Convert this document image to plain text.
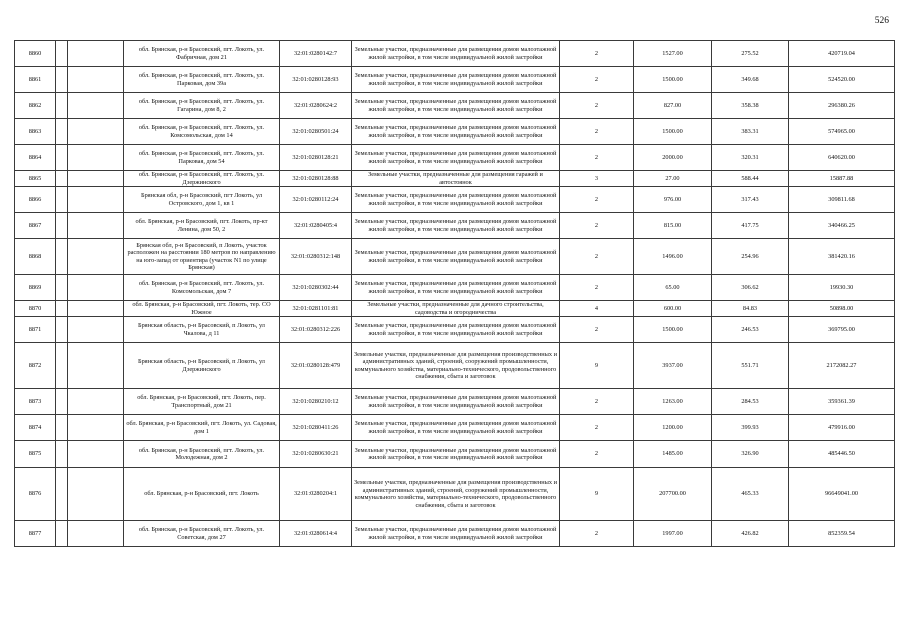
526
8860			обл. Брянская, р-н Брасовский, пгт. Локоть, ул. Фабричная, дом 21	32:01:0280142:7	Земельные участки, предназначенные для размещения домов малоэтажной жилой застройки, в том числе индивидуальной жилой застройки	2	1527.00	275.52	420719.04
8861			обл. Брянская, р-н Брасовский, пгт. Локоть, ул. Парковая, дом 39а	32:01:0280128:93	Земельные участки, предназначенные для размещения домов малоэтажной жилой застройки, в том числе индивидуальной жилой застройки	2	1500.00	349.68	524520.00
8862			обл. Брянская, р-н Брасовский, пгт. Локоть, ул. Гагарина, дом 8, 2	32:01:0280624:2	Земельные участки, предназначенные для размещения домов малоэтажной жилой застройки, в том числе индивидуальной жилой застройки	2	827.00	358.38	296380.26
8863			обл. Брянская, р-н Брасовский, пгт. Локоть, ул. Комсомольская, дом 14	32:01:0280501:24	Земельные участки, предназначенные для размещения домов малоэтажной жилой застройки, в том числе индивидуальной жилой застройки	2	1500.00	383.31	574965.00
8864			обл. Брянская, р-н Брасовский, пгт. Локоть, ул. Парковая, дом 54	32:01:0280128:21	Земельные участки, предназначенные для размещения домов малоэтажной жилой застройки, в том числе индивидуальной жилой застройки	2	2000.00	320.31	640620.00
8865			обл. Брянская, р-н Брасовский, пгт. Локоть, ул. Дзержинского	32:01:0280128:88	Земельные участки, предназначенные для размещения гаражей и автостоянок	3	27.00	588.44	15887.88
8866			Брянская обл, р-н Брасовский, пгт Локоть, ул Островского, дом 1, кв 1	32:01:0280112:24	Земельные участки, предназначенные для размещения домов малоэтажной жилой застройки, в том числе индивидуальной жилой застройки	2	976.00	317.43	309811.68
8867			обл. Брянская, р-н Брасовский, пгт. Локоть, пр-кт Ленина, дом 50, 2	32:01:0280405:4	Земельные участки, предназначенные для размещения домов малоэтажной жилой застройки, в том числе индивидуальной жилой застройки	2	815.00	417.75	340466.25
8868			Брянская обл, р-н Брасовский, п Локоть, участок расположен на расстоянии 180 метров по направлению на юго-запад от ориентира (участок N1 по улице Брянская)	32:01:0280312:148	Земельные участки, предназначенные для размещения домов малоэтажной жилой застройки, в том числе индивидуальной жилой застройки	2	1496.00	254.96	381420.16
8869			обл. Брянская, р-н Брасовский, пгт. Локоть, ул. Комсомольская, дом 7	32:01:0280302:44	Земельные участки, предназначенные для размещения домов малоэтажной жилой застройки, в том числе индивидуальной жилой застройки	2	65.00	306.62	19930.30
8870			обл. Брянская, р-н Брасовский, пгт. Локоть, тер. СО Южное	32:01:0281101:81	Земельные участки, предназначенные для дачного строительства, садоводства и огородничества	4	600.00	84.83	50898.00
8871			Брянская область, р-н Брасовский, п Локоть, ул Чкалова, д 11	32:01:0280312:226	Земельные участки, предназначенные для размещения домов малоэтажной жилой застройки, в том числе индивидуальной жилой застройки	2	1500.00	246.53	369795.00
8872			Брянская область, р-н Брасовский, п Локоть, ул Дзержинского	32:01:0280128:479	Земельные участки, предназначенные для размещения производственных и административных зданий, строений, сооружений промышленности, коммунального хозяйства, материально-технического, продовольственного снабжения, сбыта и заготовок	9	3937.00	551.71	2172082.27
8873			обл. Брянская, р-н Брасовский, пгт. Локоть, пер. Транспортный, дом 21	32:01:0280210:12	Земельные участки, предназначенные для размещения домов малоэтажной жилой застройки, в том числе индивидуальной жилой застройки	2	1263.00	284.53	359361.39
8874			обл. Брянская, р-н Брасовский, пгт. Локоть, ул. Садовая, дом 1	32:01:0280411:26	Земельные участки, предназначенные для размещения домов малоэтажной жилой застройки, в том числе индивидуальной жилой застройки	2	1200.00	399.93	479916.00
8875			обл. Брянская, р-н Брасовский, пгт. Локоть, ул. Молодежная, дом 2	32:01:0280630:21	Земельные участки, предназначенные для размещения домов малоэтажной жилой застройки, в том числе индивидуальной жилой застройки	2	1485.00	326.90	485446.50
8876			обл. Брянская, р-н Брасовский, пгт. Локоть	32:01:0280204:1	Земельные участки, предназначенные для размещения производственных и административных зданий, строений, сооружений промышленности, коммунального хозяйства, материально-технического, продовольственного снабжения, сбыта и заготовок	9	207700.00	465.33	96649041.00
8877			обл. Брянская, р-н Брасовский, пгт. Локоть, ул. Советская, дом 27	32:01:0280614:4	Земельные участки, предназначенные для размещения домов малоэтажной жилой застройки, в том числе индивидуальной жилой застройки	2	1997.00	426.82	852359.54
